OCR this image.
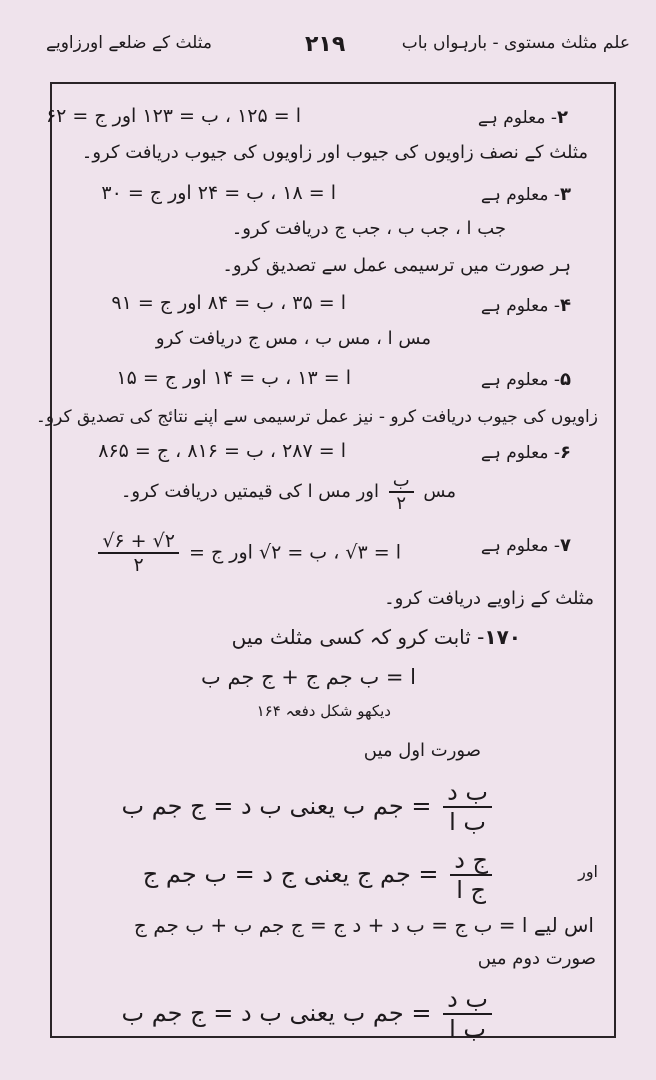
مثلث کے ضلعے اورزاویے	۲۱۹	علم مثلث مستوی - بارہواں باب
ا = ۱۲۵ ، ب = ۱۲۳ اور ج = ۶۲	۲- معلوم ہے
مثلث کے نصف زاویوں کی جیوب اور زاویوں کی جیوب دریافت کرو۔
ا = ۱۸ ، ب = ۲۴ اور ج = ۳۰	۳- معلوم ہے
جب ا ، جب ب ، جب ج دریافت کرو۔
ہر صورت میں ترسیمی عمل سے تصدیق کرو۔
ا = ۳۵ ، ب = ۸۴ اور ج = ۹۱	۴- معلوم ہے
مس ا ، مس ب ، مس ج دریافت کرو
ا = ۱۳ ، ب = ۱۴ اور ج = ۱۵	۵- معلوم ہے
زاویوں کی جیوب دریافت کرو - نیز عمل ترسیمی سے اپنے نتائج کی تصدیق کرو۔
ا = ۲۸۷ ، ب = ۸۱۶ ، ج = ۸۶۵	۶- معلوم ہے
مس
$\frac{\text{ب}}{۲}$
اور مس ا کی قیمتیں دریافت کرو۔
ا = ۳√ ، ب = ۲√ اور ج =
$\frac{۲√ + ۶√}{۲}$	۷- معلوم ہے
مثلث کے زاویے دریافت کرو۔
۱۷۰- ثابت کرو کہ کسی مثلث میں
ا = ب جم ج + ج جم ب
دیکھو شکل دفعہ ۱۶۴
صورت اول میں
$\frac{\text{ب د}}{\text{ب ا}}$
= جم ب یعنی ب د = ج جم ب
اور
$\frac{\text{ج د}}{\text{ج ا}}$
= جم ج یعنی ج د = ب جم ج
اس لیے ا = ب ج = ب د + د ج = ج جم ب + ب جم ج
صورت دوم میں
$\frac{\text{ب د}}{\text{ب ا}}$
= جم ب یعنی ب د = ج جم ب
